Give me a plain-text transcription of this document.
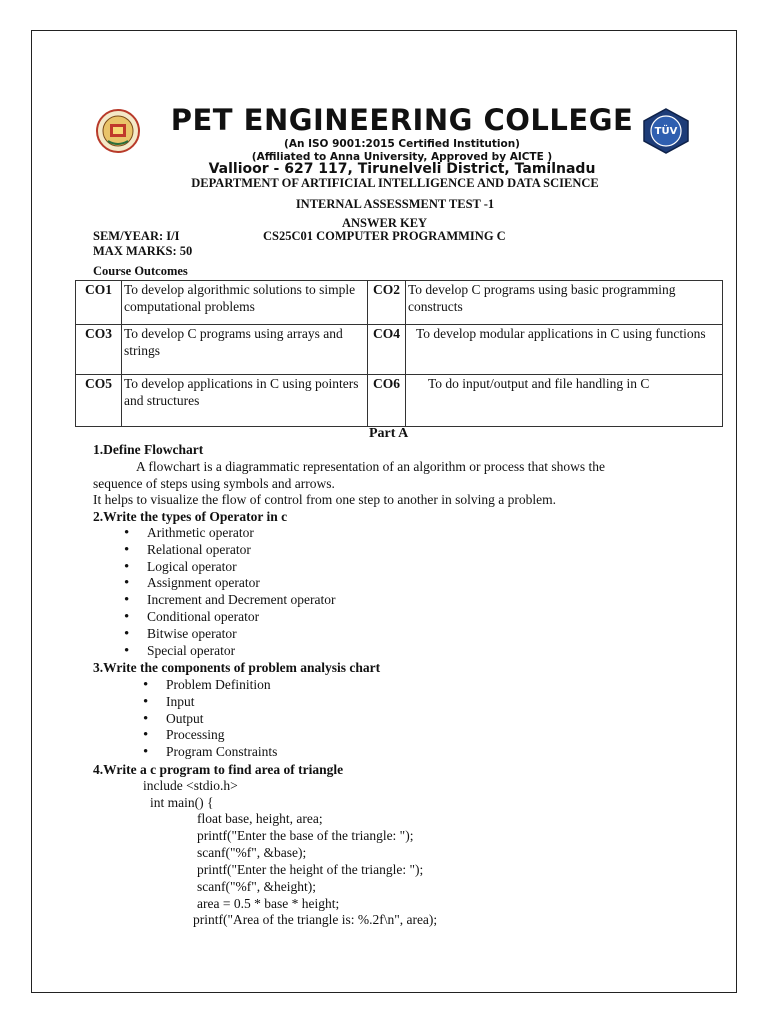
PET ENGINEERING COLLEGE
(An ISO 9001:2015 Certified Institution)
(Affiliated to Anna University, Approved by AICTE )
Vallioor - 627 117, Tirunelveli District, Tamilnadu
TÜV
DEPARTMENT OF ARTIFICIAL INTELLIGENCE AND DATA SCIENCE
INTERNAL ASSESSMENT TEST -1
ANSWER KEY
SEM/YEAR: I/I	CS25C01 COMPUTER PROGRAMMING C
MAX MARKS: 50
Course Outcomes
CO1	To develop algorithmic solutions to simple computational problems	CO2	To develop C programs using basic programming constructs
CO3	To develop C programs using arrays and strings	CO4	To develop modular applications in C using functions
CO5	To develop applications in C using pointers and structures	CO6	To do input/output and file handling in C
Part A
1.Define Flowchart
A flowchart is a diagrammatic representation of an algorithm or process that shows the
sequence of steps using symbols and arrows.
It helps to visualize the flow of control from one step to another in solving a problem.
2.Write the types of Operator in c
• Arithmetic operator
• Relational operator
• Logical operator
• Assignment operator
• Increment and Decrement operator
• Conditional operator
• Bitwise operator
• Special operator
3.Write the components of problem analysis chart
• Problem Definition
• Input
• Output
• Processing
• Program Constraints
4.Write a c program to find area of triangle
include <stdio.h>
int main() {
float base, height, area;
printf("Enter the base of the triangle: ");
scanf("%f", &base);
printf("Enter the height of the triangle: ");
scanf("%f", &height);
area = 0.5 * base * height;
printf("Area of the triangle is: %.2f\n", area);
